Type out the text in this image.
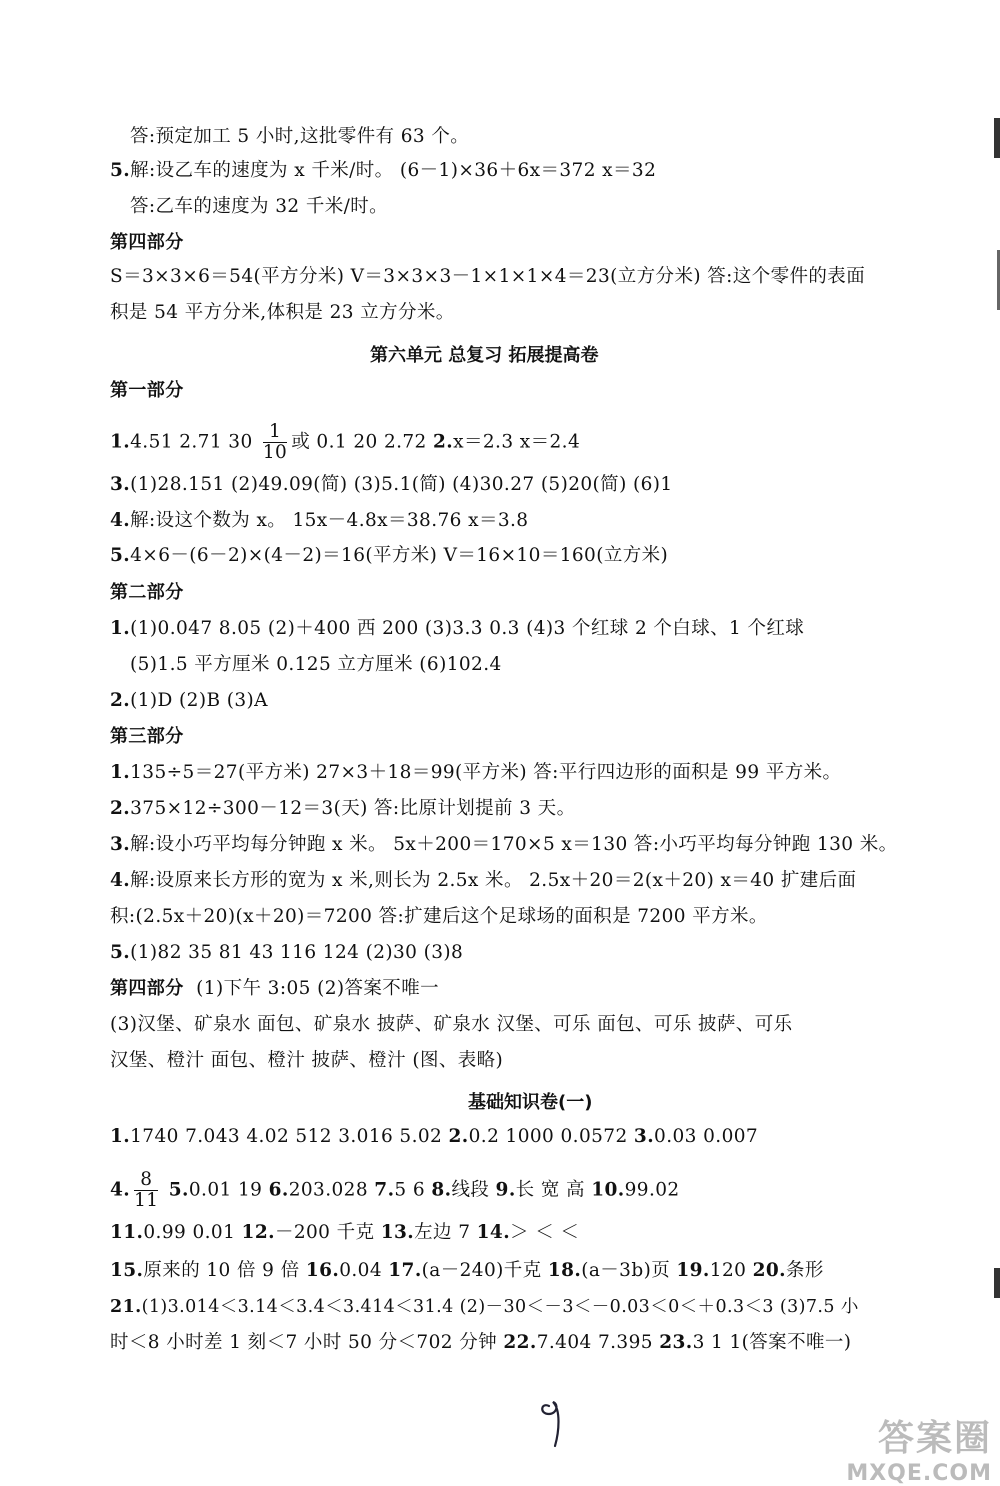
答:预定加工 5 小时,这批零件有 63 个。
5.解:设乙车的速度为 x 千米/时。 (6－1)×36＋6x＝372 x＝32
答:乙车的速度为 32 千米/时。
第四部分
S＝3×3×6＝54(平方分米) V＝3×3×3－1×1×1×4＝23(立方分米) 答:这个零件的表面
积是 54 平方分米,体积是 23 立方分米。
第六单元 总复习 拓展提高卷
第一部分
1.4.51 2.71 $30 \frac{1}{10}$ 或 0.1 20 2.72 2.x＝2.3 x＝2.4
3.(1)28.151 (2)49.09(简) (3)5.1(简) (4)30.27 (5)20(简) (6)1
4.解:设这个数为 x。 15x－4.8x＝38.76 x＝3.8
5.4×6－(6－2)×(4－2)＝16(平方米) V＝16×10＝160(立方米)
第二部分
1.(1)0.047 8.05 (2)＋400 西 200 (3)3.3̇ 0.3 (4)3 个红球 2 个白球、1 个红球
(5)1.5 平方厘米 0.125 立方厘米 (6)102.4
2.(1)D (2)B (3)A
第三部分
1.135÷5＝27(平方米) 27×3＋18＝99(平方米) 答:平行四边形的面积是 99 平方米。
2.375×12÷300－12＝3(天) 答:比原计划提前 3 天。
3.解:设小巧平均每分钟跑 x 米。 5x＋200＝170×5 x＝130 答:小巧平均每分钟跑 130 米。
4.解:设原来长方形的宽为 x 米,则长为 2.5x 米。 2.5x＋20＝2(x＋20) x＝40 扩建后面
积:(2.5x＋20)(x＋20)＝7200 答:扩建后这个足球场的面积是 7200 平方米。
5.(1)82 35 81 43 116 124 (2)30 (3)8
第四部分 (1)下午 3:05 (2)答案不唯一
(3)汉堡、矿泉水 面包、矿泉水 披萨、矿泉水 汉堡、可乐 面包、可乐 披萨、可乐
汉堡、橙汁 面包、橙汁 披萨、橙汁 (图、表略)
基础知识卷(一)
1.1740 7.043 4.02 512 3.016 5.02 2.0.2 1000 0.0572 3.0.03 0.007
4. $\frac{8}{11} 5.0.01$ 19 6.203.028 7.5 6 8.线段 9.长 宽 高 10.99.02
11.0.99 0.01 12.－200 千克 13.左边 7 14.＞ ＜ ＜
15.原来的 10 倍 9 倍 16.0.04 17.(a－240)千克 18.(a－3b)页 19.120 20.条形
21.(1)3.014＜3.14＜3.4＜3.414＜31.4 (2)－30＜－3＜－0.03＜0＜＋0.3＜3 (3)7.5 小
时＜8 小时差 1 刻＜7 小时 50 分＜702 分钟 22.7.404 7.395 23.3 1 1(答案不唯一)
答案圈
MXQE.COM
